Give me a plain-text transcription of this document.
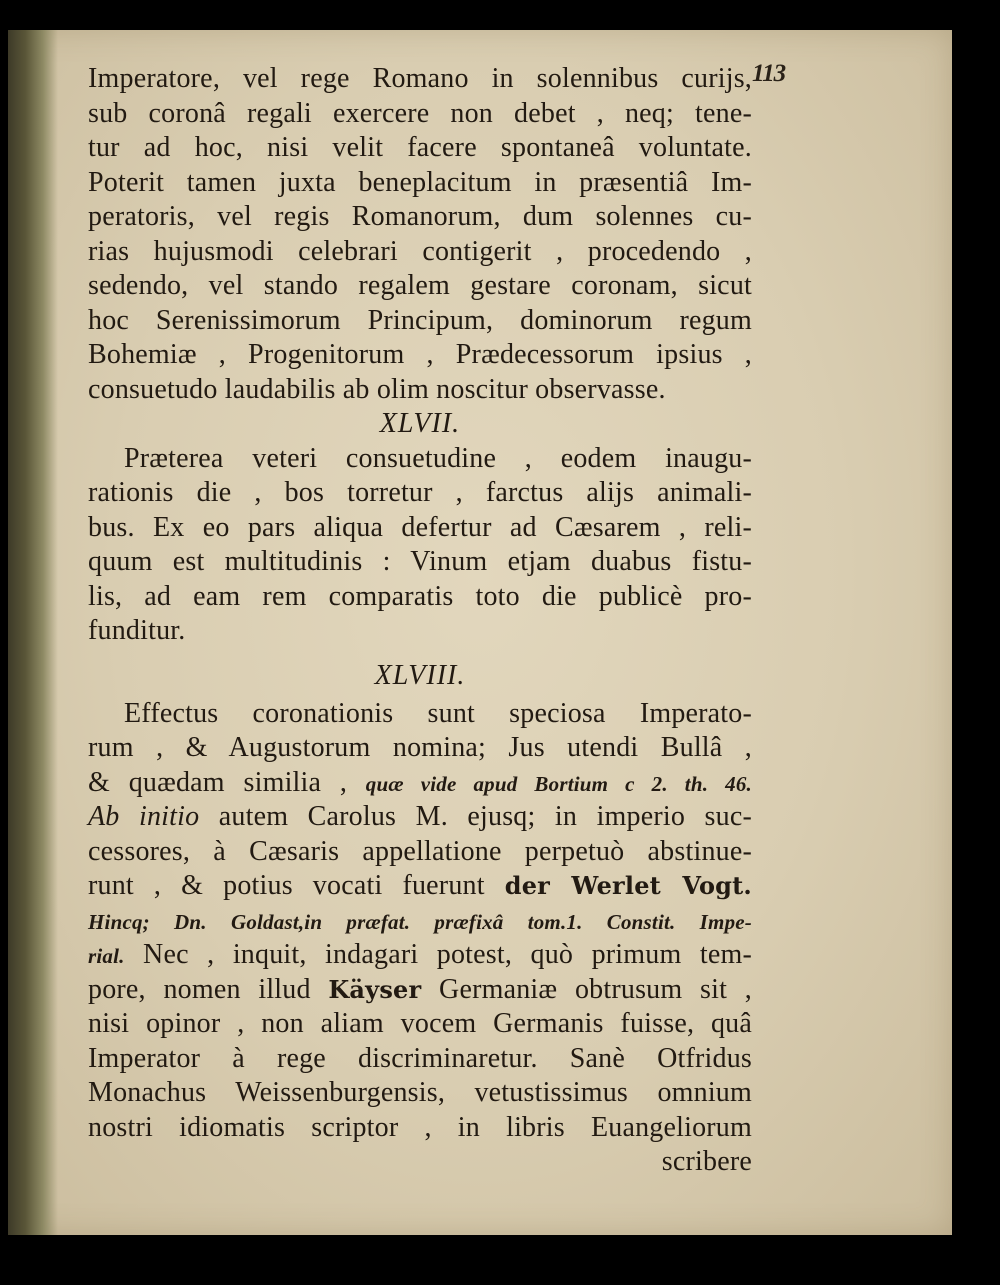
113
Imperatore, vel rege Romano in solennibus curijs,
sub coronâ regali exercere non debet , neq; tene-
tur ad hoc, nisi velit facere spontaneâ voluntate.
Poterit tamen juxta beneplacitum in præsentiâ Im-
peratoris, vel regis Romanorum, dum solennes cu-
rias hujusmodi celebrari contigerit , procedendo ,
sedendo, vel stando regalem gestare coronam, sicut
hoc Serenissimorum Principum, dominorum regum
Bohemiæ , Progenitorum , Prædecessorum ipsius ,
consuetudo laudabilis ab olim noscitur observasse.
XLVII.
Præterea veteri consuetudine , eodem inaugu-
rationis die , bos torretur , farctus alijs animali-
bus. Ex eo pars aliqua defertur ad Cæsarem , reli-
quum est multitudinis : Vinum etjam duabus fistu-
lis, ad eam rem comparatis toto die publicè pro-
funditur.
XLVIII.
Effectus coronationis sunt speciosa Imperato-
rum , & Augustorum nomina; Jus utendi Bullâ ,
& quædam similia , quæ vide apud Bortium c 2. th. 46.
Ab initio autem Carolus M. ejusq; in imperio suc-
cessores, à Cæsaris appellatione perpetuò abstinue-
runt , & potius vocati fuerunt der Werlet Vogt.
Hincq; Dn. Goldast,in præfat. præfixâ tom.1. Constit. Impe-
rial. Nec , inquit, indagari potest, quò primum tem-
pore, nomen illud Käyser Germaniæ obtrusum sit ,
nisi opinor , non aliam vocem Germanis fuisse, quâ
Imperator à rege discriminaretur. Sanè Otfridus
Monachus Weissenburgensis, vetustissimus omnium
nostri idiomatis scriptor , in libris Euangeliorum
scribere
